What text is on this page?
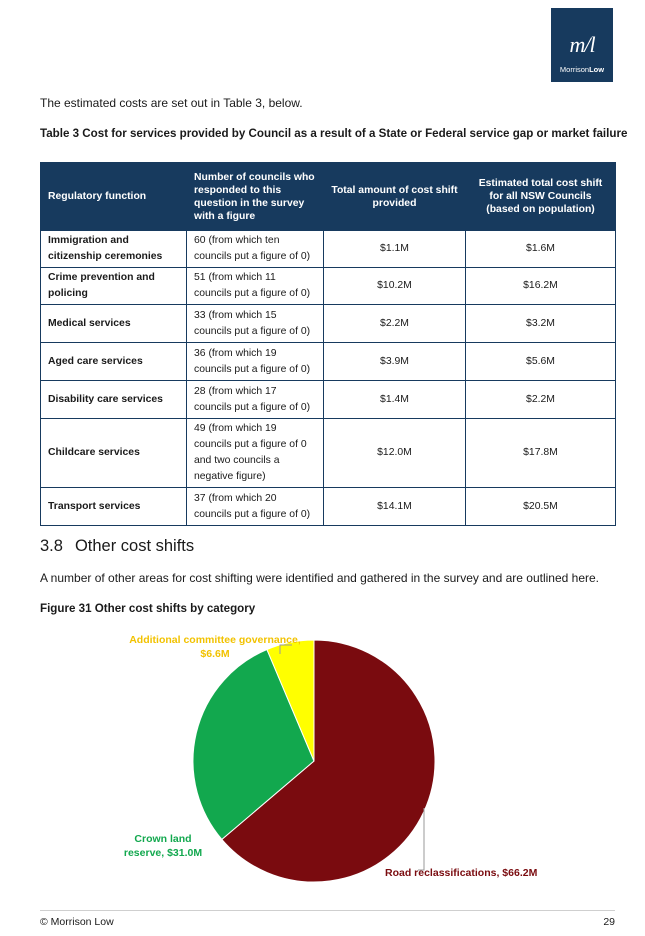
m/l
MorrisonLow

The estimated costs are set out in Table 3, below.

Table 3 Cost for services provided by Council as a result of a State or Federal service gap or market failure

Regulatory function	Number of councils who responded to this question in the survey with a figure	Total amount of cost shift provided	Estimated total cost shift for all NSW Councils (based on population)
Immigration and citizenship ceremonies	60 (from which ten councils put a figure of 0)	$1.1M	$1.6M
Crime prevention and policing	51 (from which 11 councils put a figure of 0)	$10.2M	$16.2M
Medical services	33 (from which 15 councils put a figure of 0)	$2.2M	$3.2M
Aged care services	36 (from which 19 councils put a figure of 0)	$3.9M	$5.6M
Disability care services	28 (from which 17 councils put a figure of 0)	$1.4M	$2.2M
Childcare services	49 (from which 19 councils put a figure of 0 and two councils a negative figure)	$12.0M	$17.8M
Transport services	37 (from which 20 councils put a figure of 0)	$14.1M	$20.5M
3.8 Other cost shifts

A number of other areas for cost shifting were identified and gathered in the survey and are outlined here.

Figure 31 Other cost shifts by category

Road reclassifications, $66.2M
Crown land reserve, $31.0M
Additional committee governance, $6.6M
© Morrison Low	29
